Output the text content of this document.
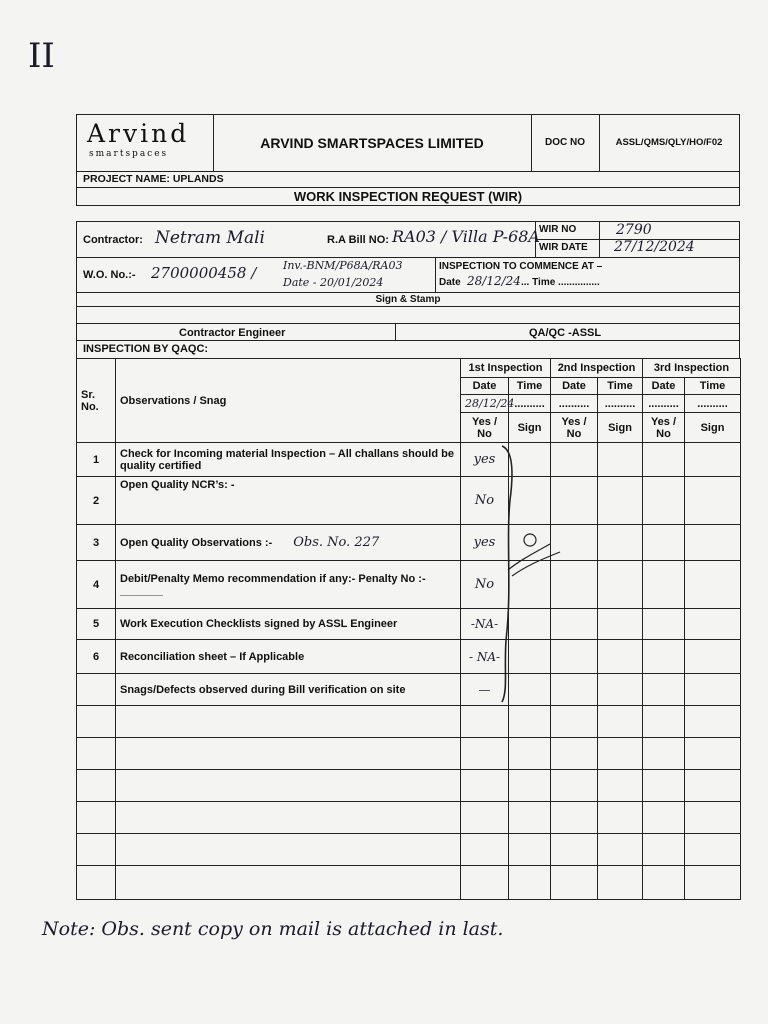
II
Arvind
smartspaces
ARVIND SMARTSPACES LIMITED	DOC NO	ASSL/QMS/QLY/HO/F02
PROJECT NAME: UPLANDS
WORK INSPECTION REQUEST (WIR)
Contractor: Netram Mali	R.A Bill NO: RA03 / Villa P-68A WIR NO	2790
WIR DATE	27/12/2024
W.O. No.:- 2700000458 / Inv.-BNM/P68A/RA03
Date - 20/01/2024
INSPECTION TO COMMENCE AT –
Date 28/12/24 ... Time ...............
Sign & Stamp
Contractor Engineer	QA/QC -ASSL
INSPECTION BY QAQC:
Sr. No.	Observations / Snag	1st Inspection		2nd Inspection		3rd Inspection	
		Date	Time	Date	Time	Date	Time
		28/12/24	..........	..........	..........	..........	..........
		Yes / No	Sign	Yes / No	Sign	Yes / No	Sign
1	Check for Incoming material Inspection – All challans should be quality certified	yes					
2	Open Quality NCR’s: -	No					
3	Open Quality Observations :- Obs. No. 227	yes					
4	Debit/Penalty Memo recommendation if any:- Penalty No :- _______	No					
5	Work Execution Checklists signed by ASSL Engineer	-NA-					
6	Reconciliation sheet – If Applicable	- NA-					
	Snags/Defects observed during Bill verification on site	—					

Note: Obs. sent copy on mail is attached in last.
